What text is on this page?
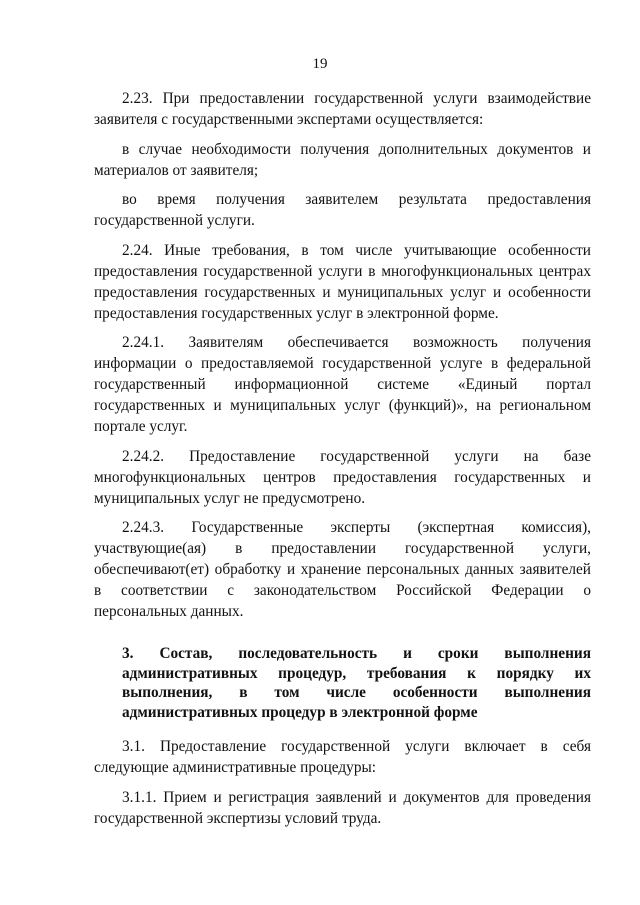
19

2.23. При предоставлении государственной услуги взаимодействие заявителя с государственными экспертами осуществляется:

в случае необходимости получения дополнительных документов и материалов от заявителя;

во время получения заявителем результата предоставления государственной услуги.

2.24. Иные требования, в том числе учитывающие особенности предоставления государственной услуги в многофункциональных центрах предоставления государственных и муниципальных услуг и особенности предоставления государственных услуг в электронной форме.

2.24.1. Заявителям обеспечивается возможность получения информации о предоставляемой государственной услуге в федеральной государственный информационной системе «Единый портал государственных и муниципальных услуг (функций)», на региональном портале услуг.

2.24.2. Предоставление государственной услуги на базе многофункциональных центров предоставления государственных и муниципальных услуг не предусмотрено.

2.24.3. Государственные эксперты (экспертная комиссия), участвующие(ая) в предоставлении государственной услуги, обеспечивают(ет) обработку и хранение персональных данных заявителей в соответствии с законодательством Российской Федерации о персональных данных.

3. Состав, последовательность и сроки выполнения административных процедур, требования к порядку их выполнения, в том числе особенности выполнения административных процедур в электронной форме

3.1. Предоставление государственной услуги включает в себя следующие административные процедуры:

3.1.1. Прием и регистрация заявлений и документов для проведения государственной экспертизы условий труда.
